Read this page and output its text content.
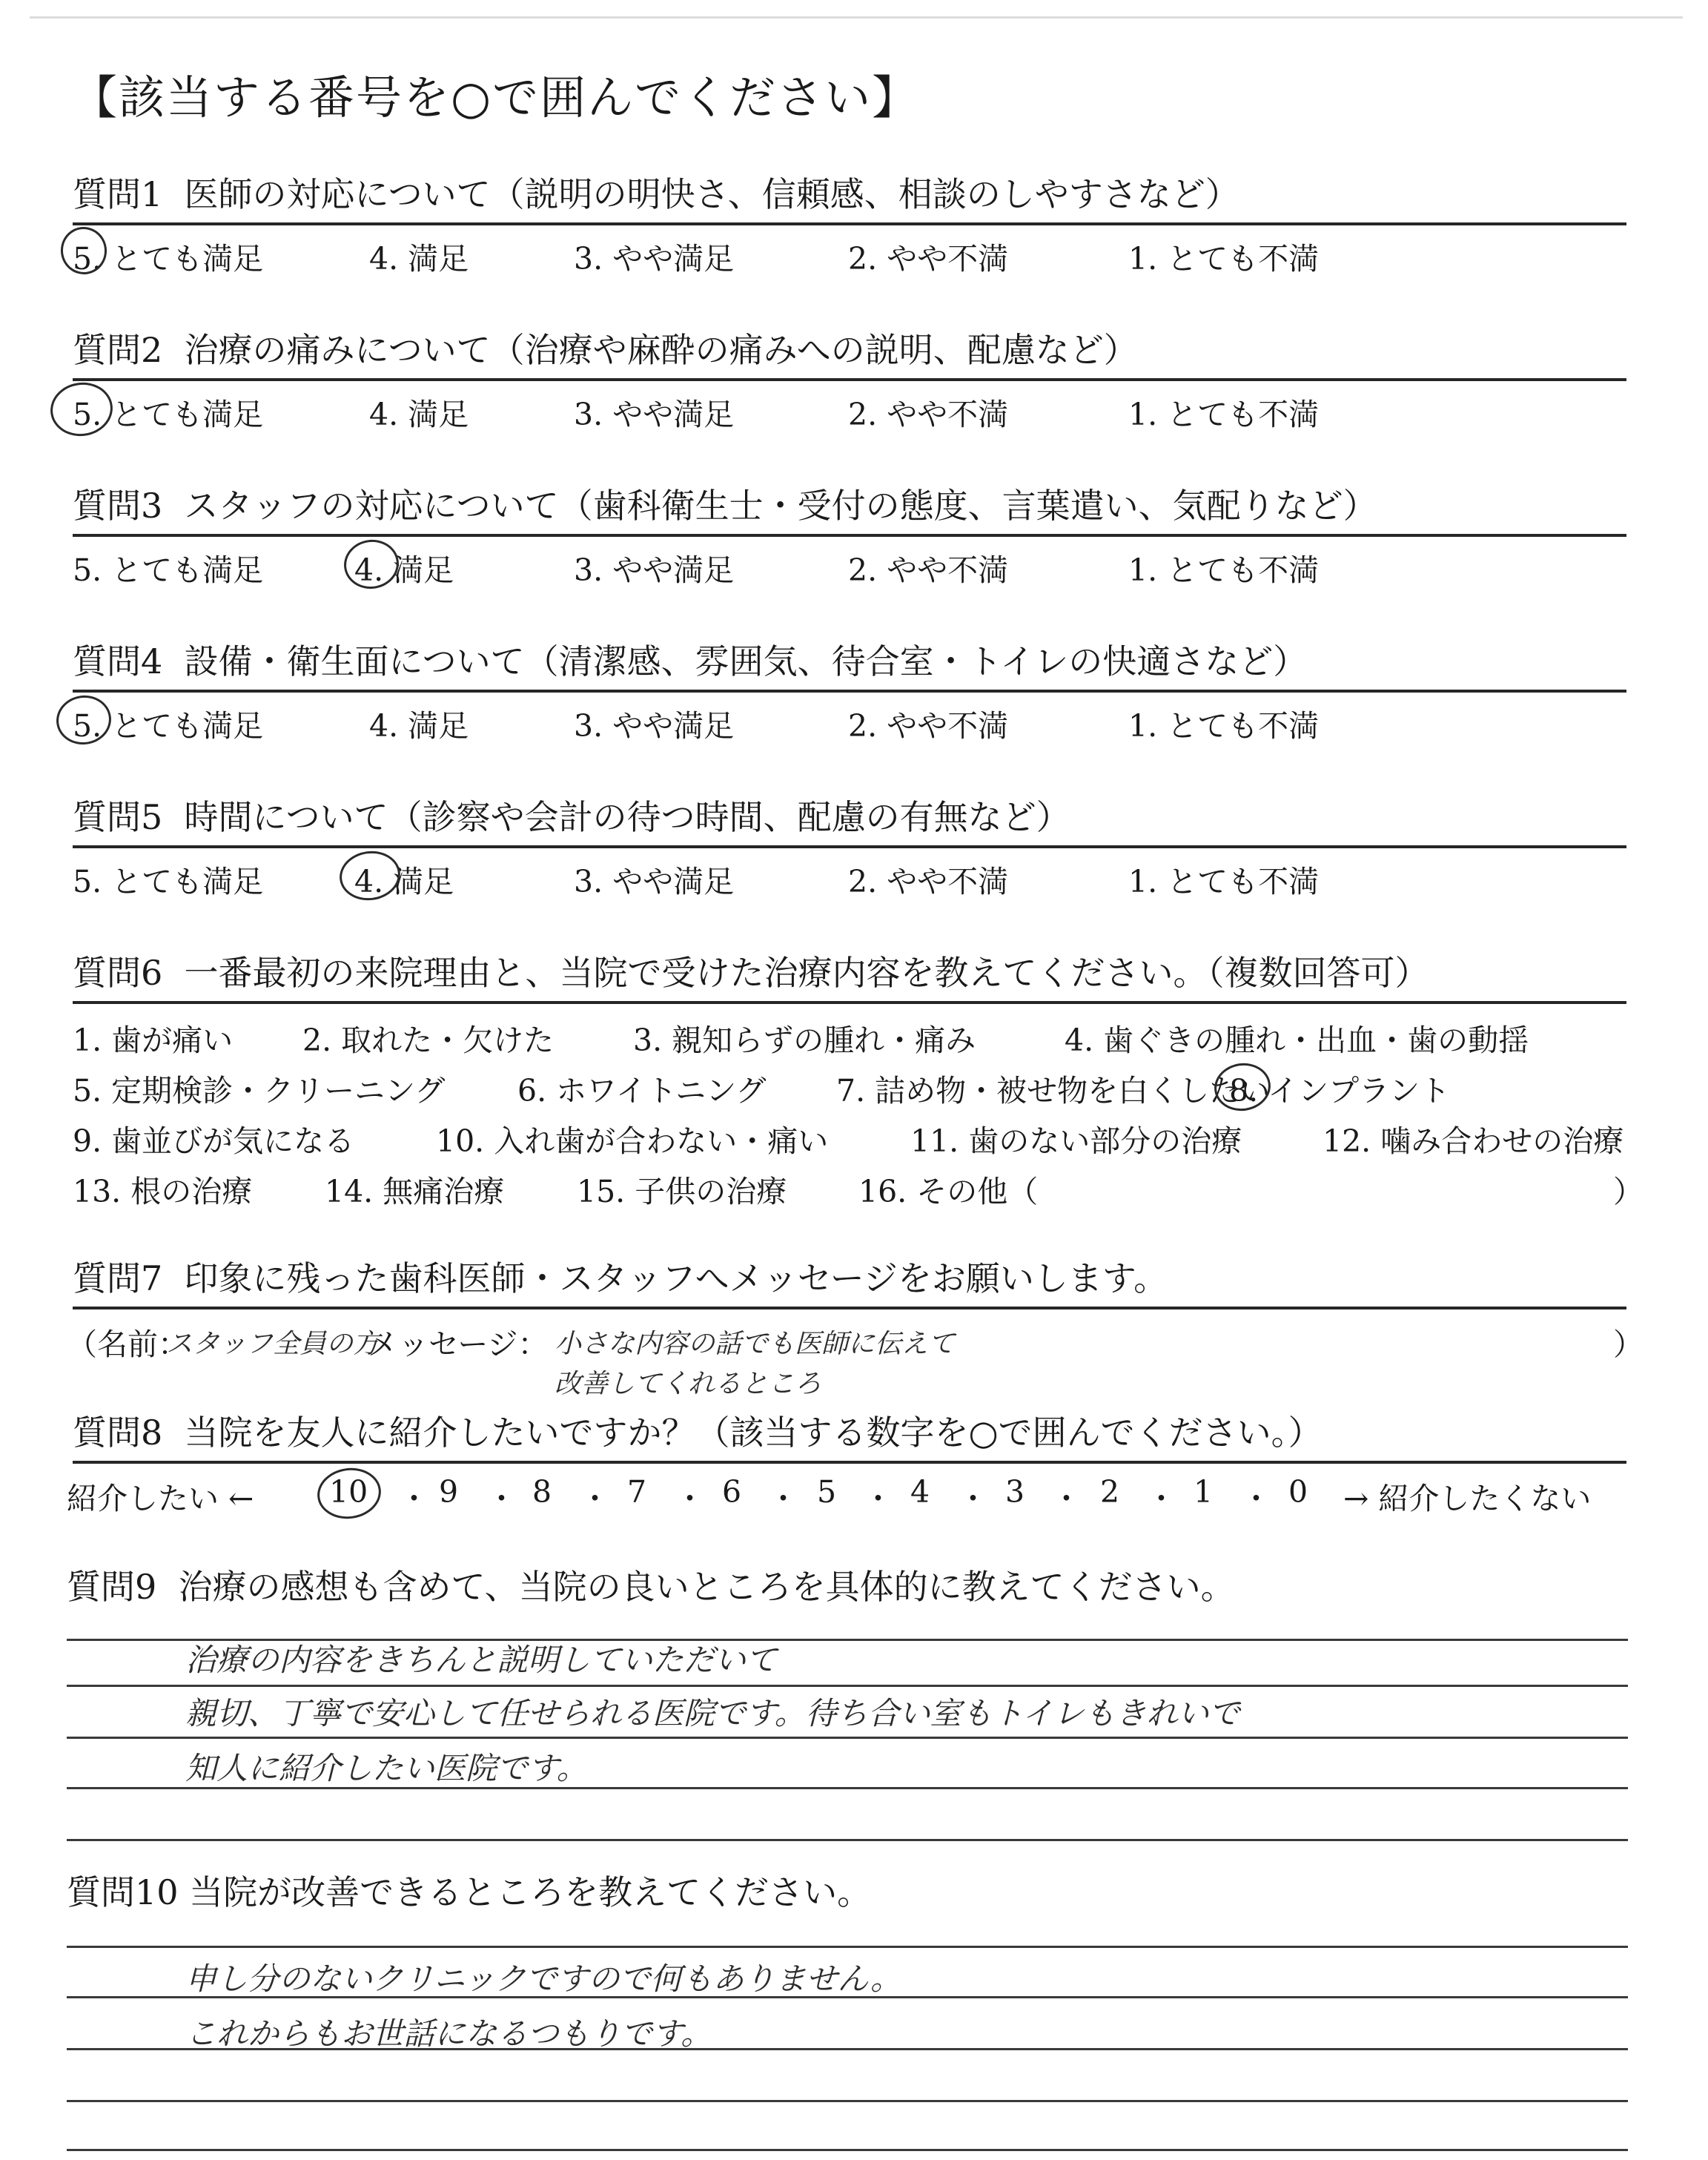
【該当する番号を○で囲んでください】
質問1 医師の対応について（説明の明快さ、信頼感、相談のしやすさなど）
5. とても満足	4. 満足	3. やや満足	2. やや不満	1. とても不満
質問2 治療の痛みについて（治療や麻酔の痛みへの説明、配慮など）
5. とても満足	4. 満足	3. やや満足	2. やや不満	1. とても不満
質問3 スタッフの対応について（歯科衛生士・受付の態度、言葉遣い、気配りなど）
5. とても満足	4. 満足	3. やや満足	2. やや不満	1. とても不満
質問4 設備・衛生面について（清潔感、雰囲気、待合室・トイレの快適さなど）
5. とても満足	4. 満足	3. やや満足	2. やや不満	1. とても不満
質問5 時間について（診察や会計の待つ時間、配慮の有無など）
5. とても満足	4. 満足	3. やや満足	2. やや不満	1. とても不満
質問6 一番最初の来院理由と、当院で受けた治療内容を教えてください。（複数回答可）
1. 歯が痛い 2. 取れた・欠けた	3. 親知らずの腫れ・痛み	4. 歯ぐきの腫れ・出血・歯の動揺
5. 定期検診・クリーニング 6. ホワイトニング 7. 詰め物・被せ物を白くしたい
8. インプラント
9. 歯並びが気になる	10. 入れ歯が合わない・痛い	11. 歯のない部分の治療	12. 噛み合わせの治療
13. 根の治療 14. 無痛治療 15. 子供の治療 16. その他（	）
質問7 印象に残った歯科医師・スタッフへメッセージをお願いします。
（名前：
スタッフ全員の方
メッセージ： 小さな内容の話でも医師に伝えて
改善してくれるところ
）
質問8 当院を友人に紹介したいですか？（該当する数字を○で囲んでください。）
紹介したい ← 10 ・ 9 ・ 8 ・ 7 ・ 6 ・ 5 ・ 4 ・ 3 ・ 2 ・ 1 ・ 0 → 紹介したくない
質問9 治療の感想も含めて、当院の良いところを具体的に教えてください。
治療の内容をきちんと説明していただいて
親切、丁寧で安心して任せられる医院です。待ち合い室もトイレもきれいで
知人に紹介したい医院です。
質問10 当院が改善できるところを教えてください。
申し分のないクリニックですので何もありません。
これからもお世話になるつもりです。
